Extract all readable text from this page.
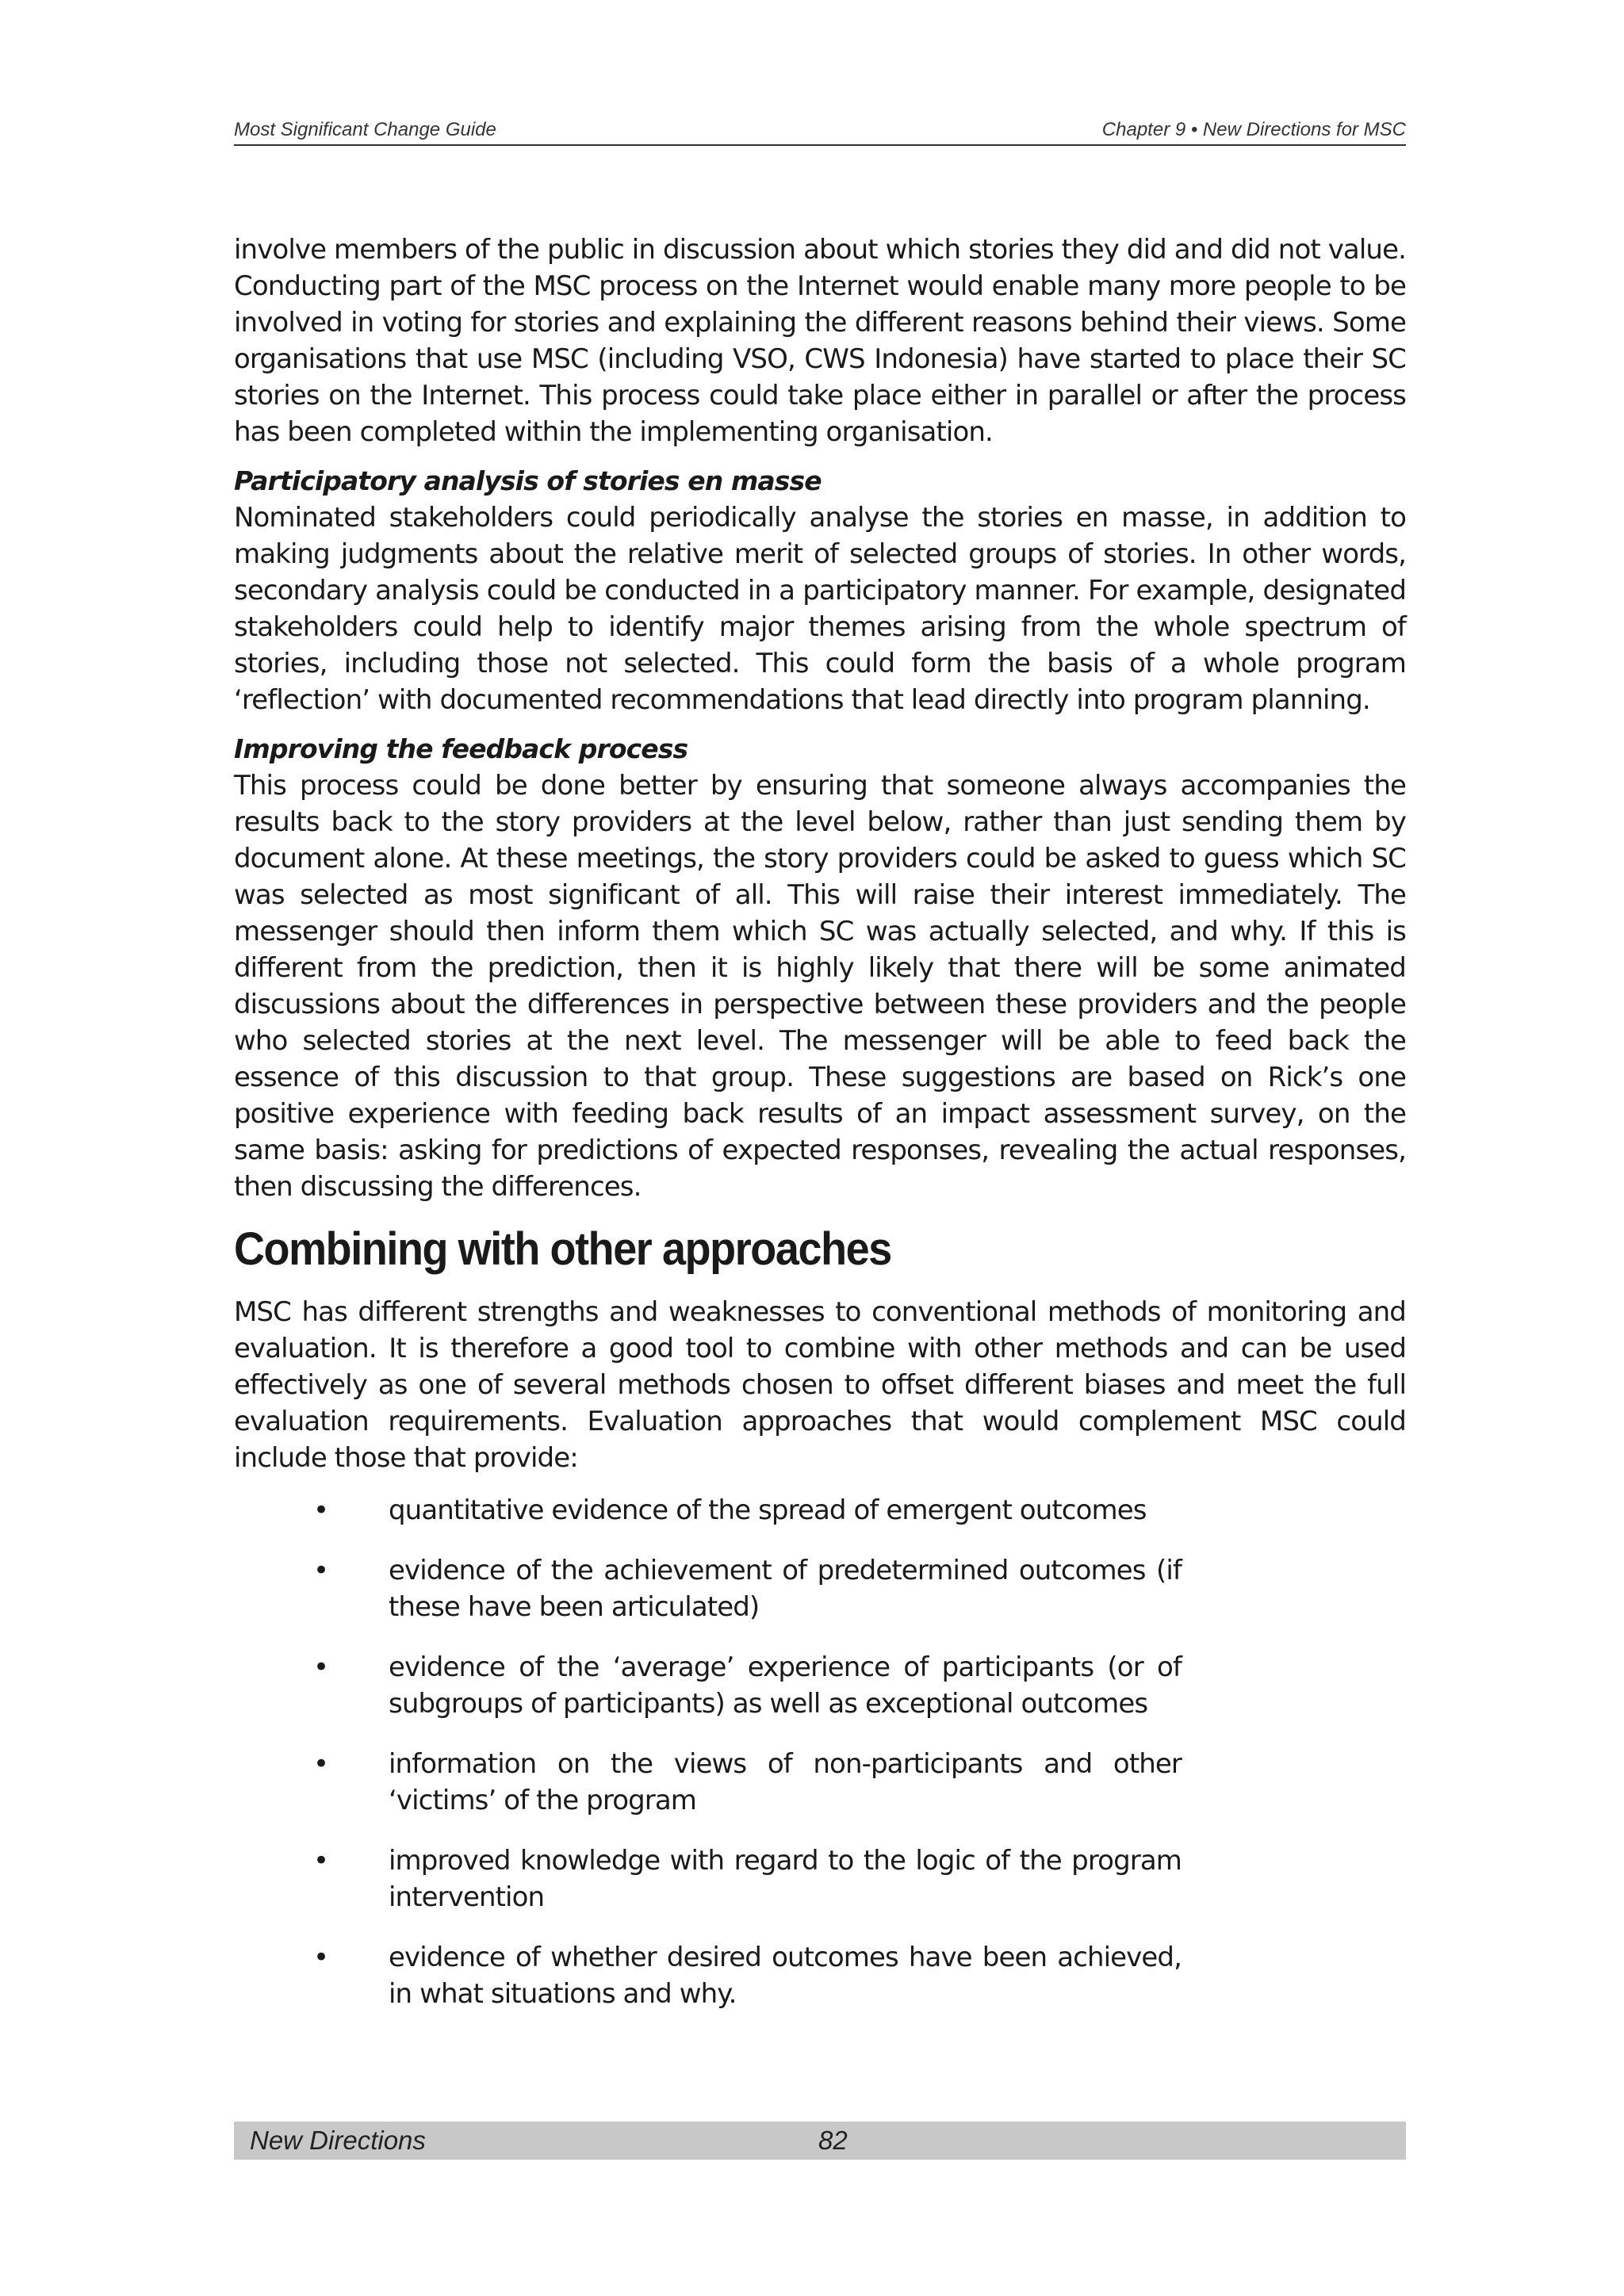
Most Significant Change Guide	Chapter 9 • New Directions for MSC

involve members of the public in discussion about which stories they did and did not value. Conducting part of the MSC process on the Internet would enable many more people to be involved in voting for stories and explaining the different reasons behind their views. Some organisations that use MSC (including VSO, CWS Indonesia) have started to place their SC stories on the Internet. This process could take place either in parallel or after the process has been completed within the implementing organisation.

Participatory analysis of stories en masse

Nominated stakeholders could periodically analyse the stories en masse, in addition to making judgments about the relative merit of selected groups of stories. In other words, secondary analysis could be conducted in a participatory manner. For example, designated stakeholders could help to identify major themes arising from the whole spectrum of stories, including those not selected. This could form the basis of a whole program ‘reflection’ with documented recommendations that lead directly into program planning.

Improving the feedback process

This process could be done better by ensuring that someone always accompanies the results back to the story providers at the level below, rather than just sending them by document alone. At these meetings, the story providers could be asked to guess which SC was selected as most significant of all. This will raise their interest immediately. The messenger should then inform them which SC was actually selected, and why. If this is different from the prediction, then it is highly likely that there will be some animated discussions about the differences in perspective between these providers and the people who selected stories at the next level. The messenger will be able to feed back the essence of this discussion to that group. These suggestions are based on Rick’s one positive experience with feeding back results of an impact assessment survey, on the same basis: asking for predictions of expected responses, revealing the actual responses, then discussing the differences.

Combining with other approaches

MSC has different strengths and weaknesses to conventional methods of monitoring and evaluation. It is therefore a good tool to combine with other methods and can be used effectively as one of several methods chosen to offset different biases and meet the full evaluation requirements. Evaluation approaches that would complement MSC could include those that provide:

• quantitative evidence of the spread of emergent outcomes
• evidence of the achievement of predetermined outcomes (if these have been articulated)
• evidence of the ‘average’ experience of participants (or of subgroups of participants) as well as exceptional outcomes
• information on the views of non-participants and other ‘victims’ of the program
• improved knowledge with regard to the logic of the program intervention
• evidence of whether desired outcomes have been achieved, in what situations and why.
New Directions	82
